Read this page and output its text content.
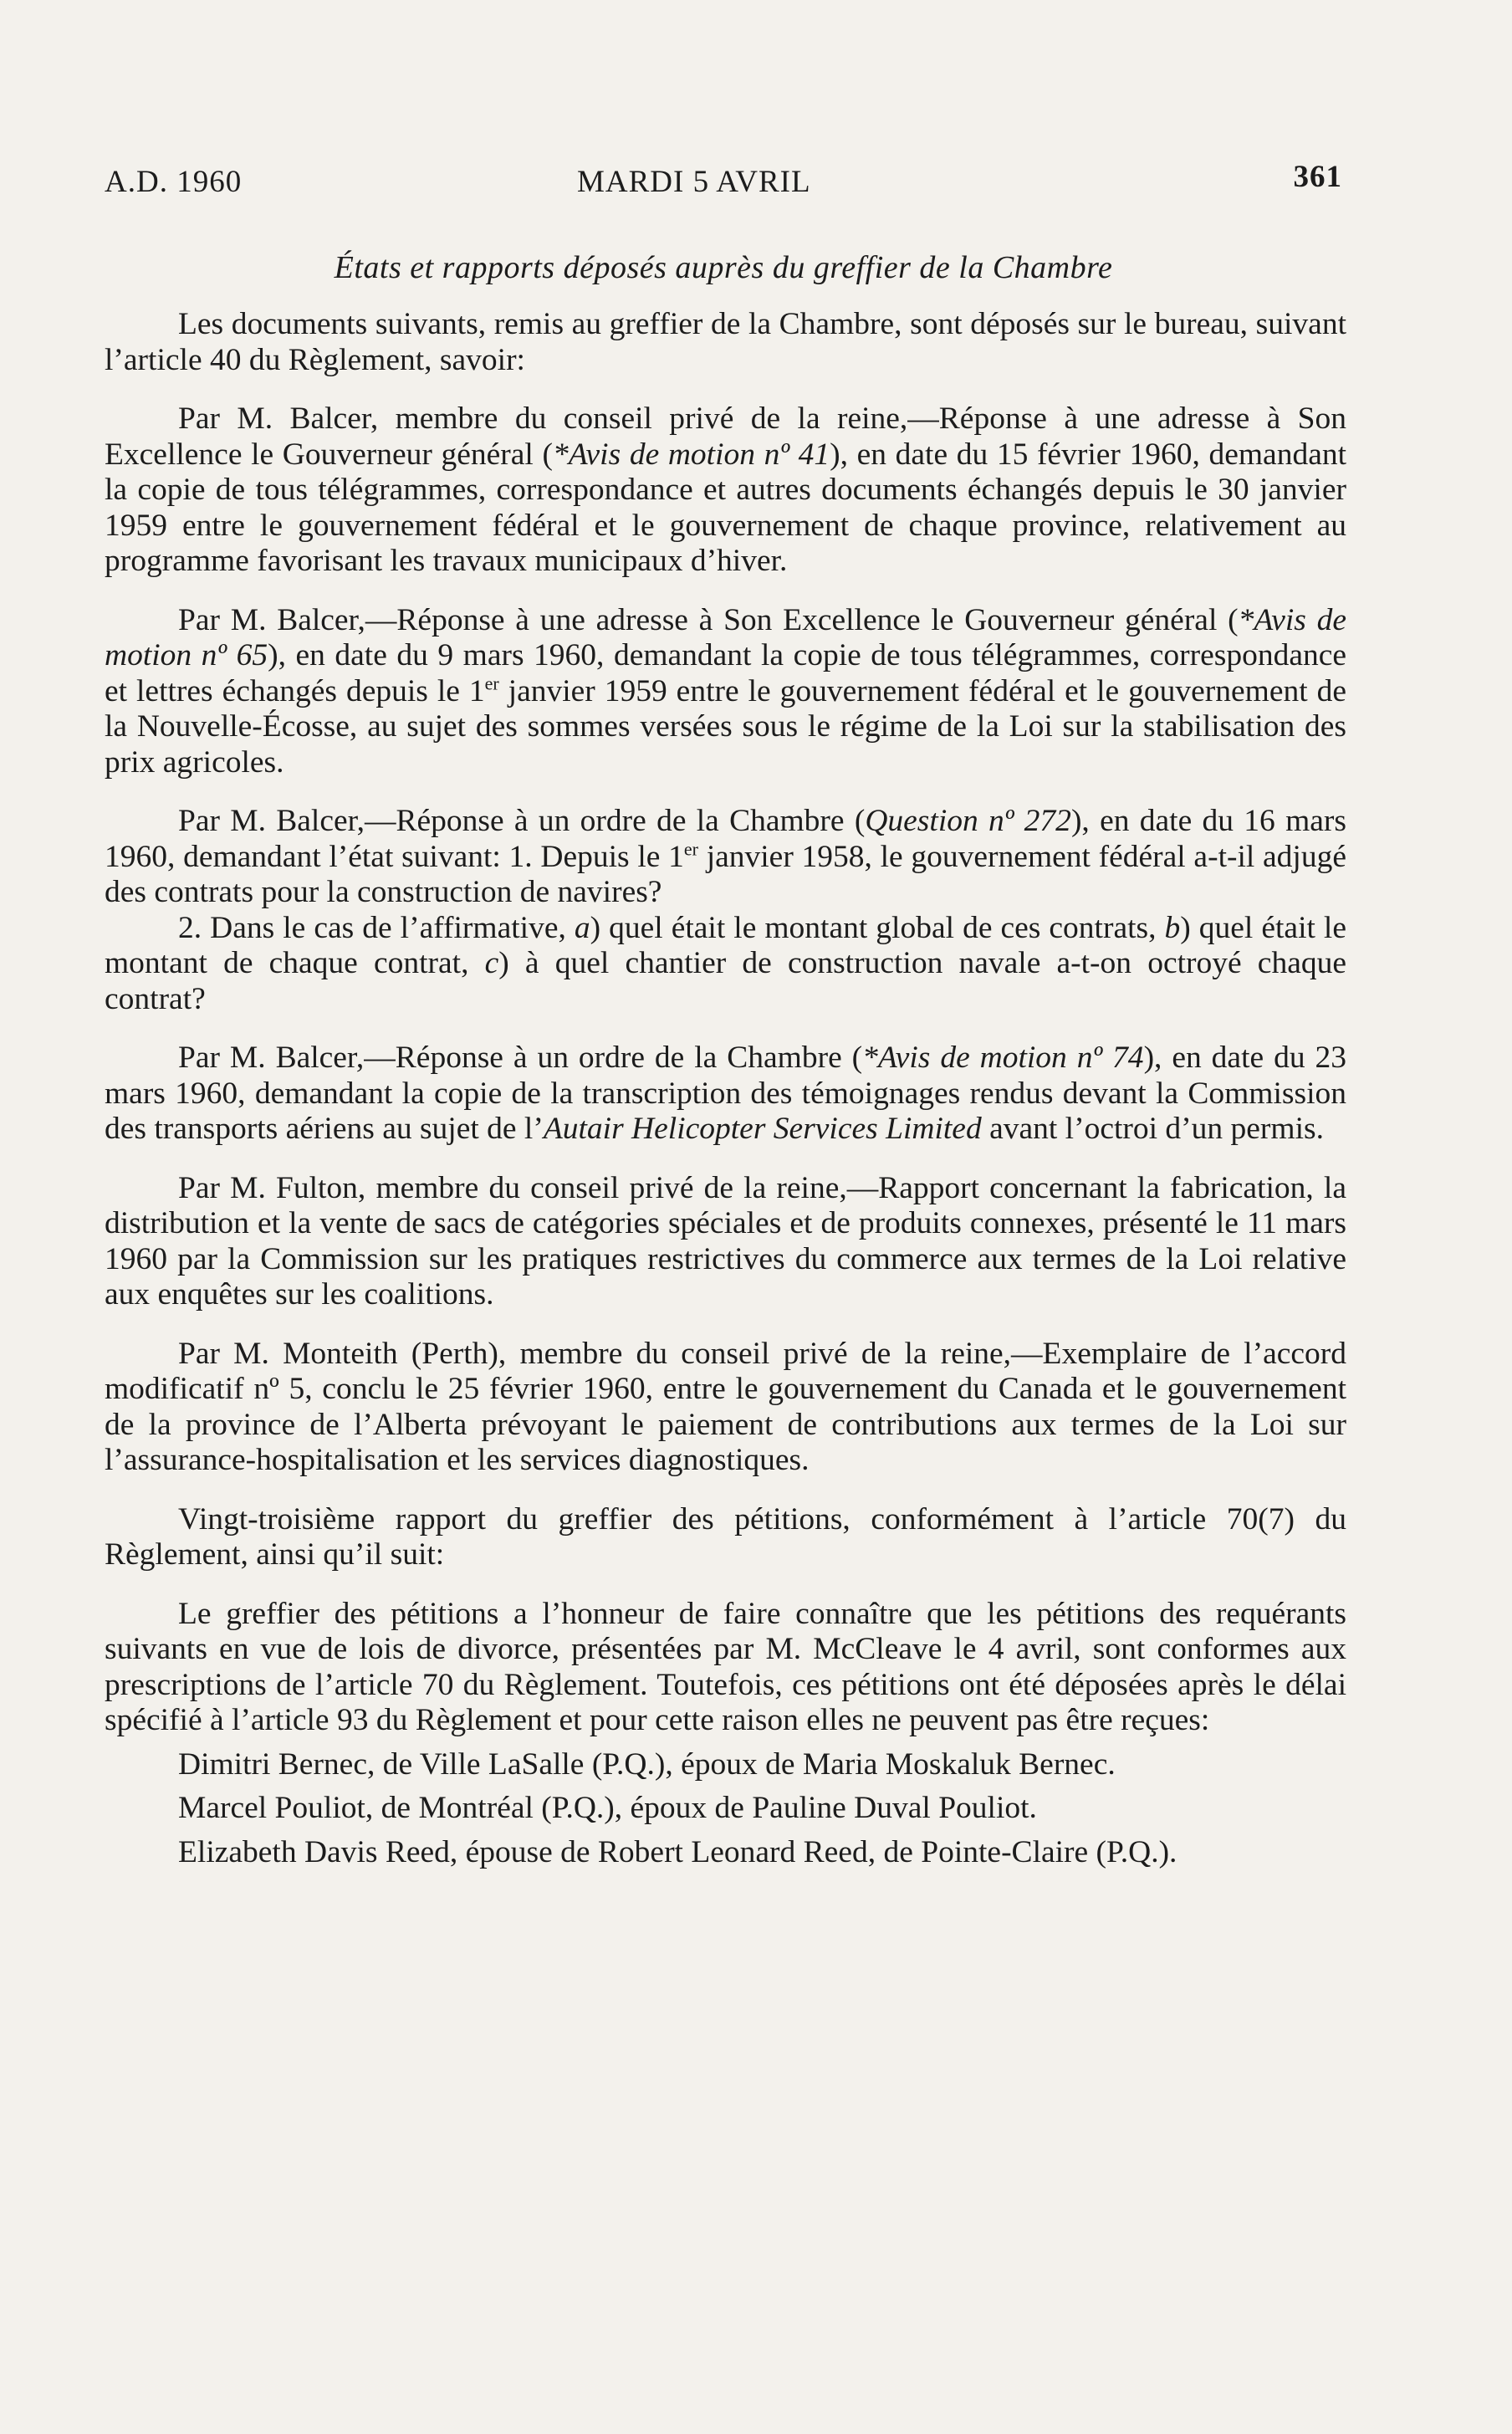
A.D. 1960	MARDI 5 AVRIL	361
États et rapports déposés auprès du greffier de la Chambre

Les documents suivants, remis au greffier de la Chambre, sont déposés sur le bureau, suivant l’article 40 du Règlement, savoir:

Par M. Balcer, membre du conseil privé de la reine,—Réponse à une adresse à Son Excellence le Gouverneur général (*Avis de motion nº 41), en date du 15 février 1960, demandant la copie de tous télégrammes, correspondance et autres documents échangés depuis le 30 janvier 1959 entre le gouvernement fédéral et le gouvernement de chaque province, relativement au programme favorisant les travaux municipaux d’hiver.

Par M. Balcer,—Réponse à une adresse à Son Excellence le Gouverneur général (*Avis de motion nº 65), en date du 9 mars 1960, demandant la copie de tous télégrammes, correspondance et lettres échangés depuis le 1er janvier 1959 entre le gouvernement fédéral et le gouvernement de la Nouvelle-Écosse, au sujet des sommes versées sous le régime de la Loi sur la stabilisation des prix agricoles.

Par M. Balcer,—Réponse à un ordre de la Chambre (Question nº 272), en date du 16 mars 1960, demandant l’état suivant: 1. Depuis le 1er janvier 1958, le gouvernement fédéral a-t-il adjugé des contrats pour la construction de navires?

2. Dans le cas de l’affirmative, a) quel était le montant global de ces contrats, b) quel était le montant de chaque contrat, c) à quel chantier de construction navale a-t-on octroyé chaque contrat?

Par M. Balcer,—Réponse à un ordre de la Chambre (*Avis de motion nº 74), en date du 23 mars 1960, demandant la copie de la transcription des témoignages rendus devant la Commission des transports aériens au sujet de l’Autair Helicopter Services Limited avant l’octroi d’un permis.

Par M. Fulton, membre du conseil privé de la reine,—Rapport concernant la fabrication, la distribution et la vente de sacs de catégories spéciales et de produits connexes, présenté le 11 mars 1960 par la Commission sur les pratiques restrictives du commerce aux termes de la Loi relative aux enquêtes sur les coalitions.

Par M. Monteith (Perth), membre du conseil privé de la reine,—Exemplaire de l’accord modificatif nº 5, conclu le 25 février 1960, entre le gouvernement du Canada et le gouvernement de la province de l’Alberta prévoyant le paiement de contributions aux termes de la Loi sur l’assurance-hospitalisation et les services diagnostiques.

Vingt-troisième rapport du greffier des pétitions, conformément à l’article 70(7) du Règlement, ainsi qu’il suit:

Le greffier des pétitions a l’honneur de faire connaître que les pétitions des requérants suivants en vue de lois de divorce, présentées par M. McCleave le 4 avril, sont conformes aux prescriptions de l’article 70 du Règlement. Toutefois, ces pétitions ont été déposées après le délai spécifié à l’article 93 du Règlement et pour cette raison elles ne peuvent pas être reçues:

Dimitri Bernec, de Ville LaSalle (P.Q.), époux de Maria Moskaluk Bernec.

Marcel Pouliot, de Montréal (P.Q.), époux de Pauline Duval Pouliot.

Elizabeth Davis Reed, épouse de Robert Leonard Reed, de Pointe-Claire (P.Q.).
